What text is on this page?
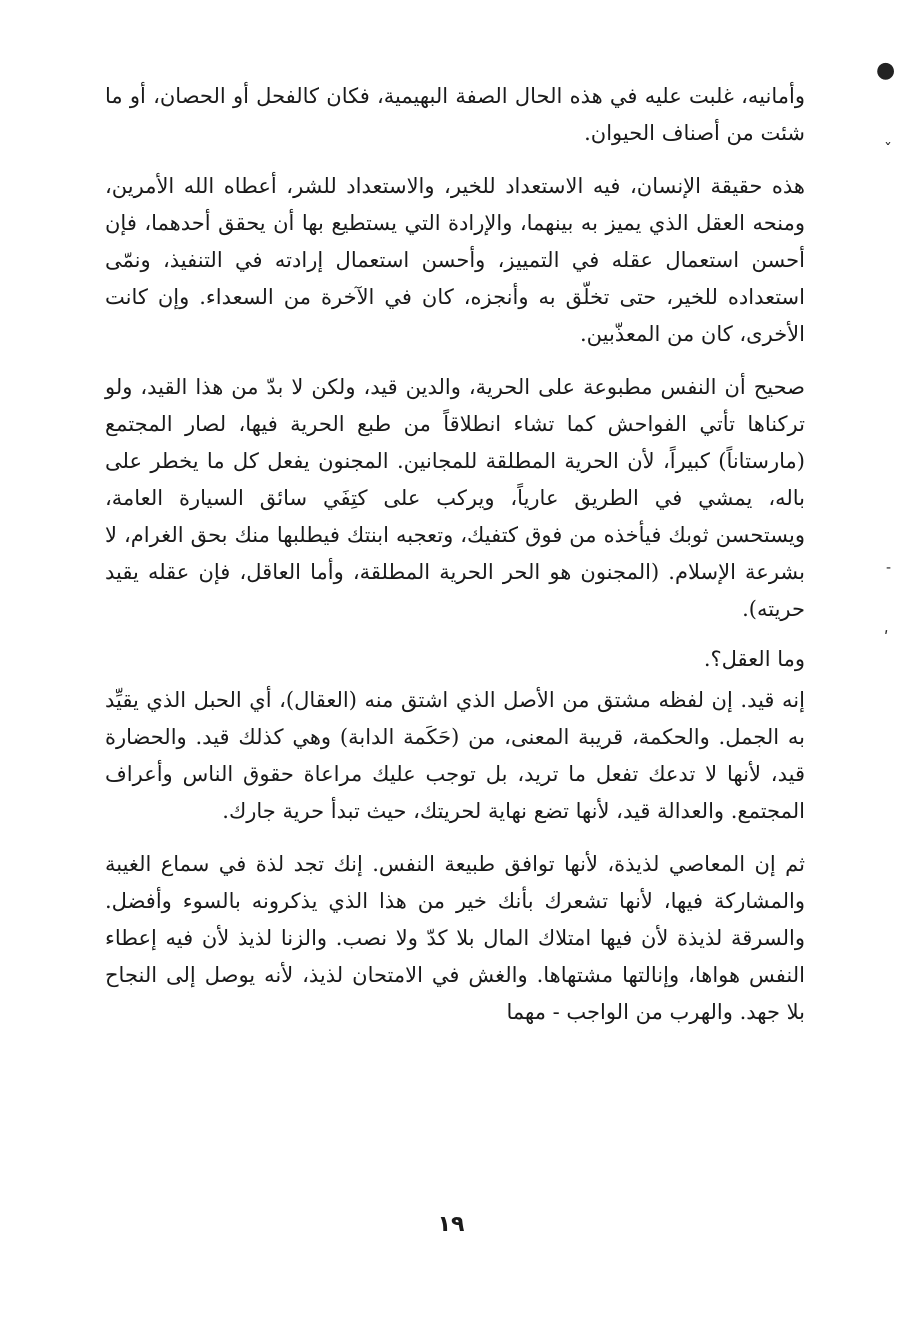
وأمانيه، غلبت عليه في هذه الحال الصفة البهيمية، فكان كالفحل أو الحصان، أو ما شئت من أصناف الحيوان.

هذه حقيقة الإنسان، فيه الاستعداد للخير، والاستعداد للشر، أعطاه الله الأمرين، ومنحه العقل الذي يميز به بينهما، والإرادة التي يستطيع بها أن يحقق أحدهما، فإن أحسن استعمال عقله في التمييز، وأحسن استعمال إرادته في التنفيذ، ونمّى استعداده للخير، حتى تخلّق به وأنجزه، كان في الآخرة من السعداء. وإن كانت الأخرى، كان من المعذّبين.

صحيح أن النفس مطبوعة على الحرية، والدين قيد، ولكن لا بدّ من هذا القيد، ولو تركناها تأتي الفواحش كما تشاء انطلاقاً من طبع الحرية فيها، لصار المجتمع (مارستاناً) كبيراً، لأن الحرية المطلقة للمجانين. المجنون يفعل كل ما يخطر على باله، يمشي في الطريق عارياً، ويركب على كتِفَي سائق السيارة العامة، ويستحسن ثوبك فيأخذه من فوق كتفيك، وتعجبه ابنتك فيطلبها منك بحق الغرام، لا بشرعة الإسلام. (المجنون هو الحر الحرية المطلقة، وأما العاقل، فإن عقله يقيد حريته).

وما العقل؟.

إنه قيد. إن لفظه مشتق من الأصل الذي اشتق منه (العقال)، أي الحبل الذي يقيِّد به الجمل. والحكمة، قريبة المعنى، من (حَكَمة الدابة) وهي كذلك قيد. والحضارة قيد، لأنها لا تدعك تفعل ما تريد، بل توجب عليك مراعاة حقوق الناس وأعراف المجتمع. والعدالة قيد، لأنها تضع نهاية لحريتك، حيث تبدأ حرية جارك.

ثم إن المعاصي لذيذة، لأنها توافق طبيعة النفس. إنك تجد لذة في سماع الغيبة والمشاركة فيها، لأنها تشعرك بأنك خير من هذا الذي يذكرونه بالسوء وأفضل. والسرقة لذيذة لأن فيها امتلاك المال بلا كدّ ولا نصب. والزنا لذيذ لأن فيه إعطاء النفس هواها، وإنالتها مشتهاها. والغش في الامتحان لذيذ، لأنه يوصل إلى النجاح بلا جهد. والهرب من الواجب - مهما

١٩
●
ˇ
-
ʹ
